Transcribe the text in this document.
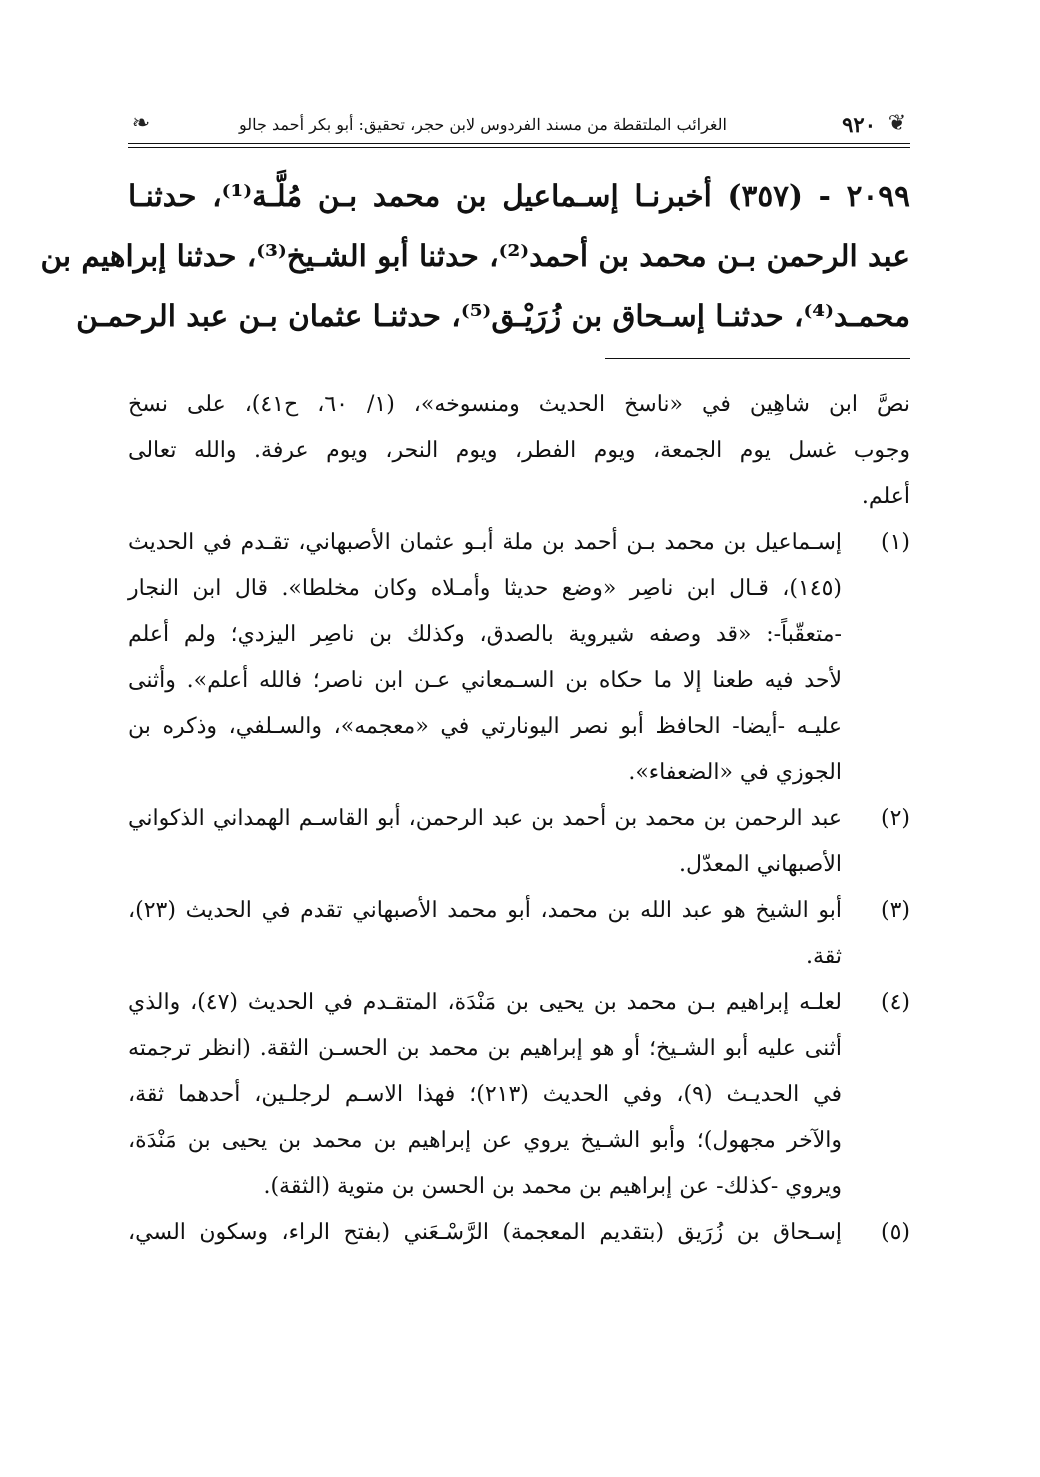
❦
٩٢٠
الغرائب الملتقطة من مسند الفردوس لابن حجر، تحقيق: أبو بكر أحمد جالو
❧
٢٠٩٩ - (٣٥٧) أخبرنـا إسـماعيل بن محمد بـن مُلَّـة⁽¹⁾، حدثنـا
عبد الرحمن بـن محمد بن أحمد⁽²⁾، حدثنا أبو الشـيخ⁽³⁾، حدثنا إبراهيم بن
محمـد⁽⁴⁾، حدثنـا إسـحاق بن زُرَيْـق⁽⁵⁾، حدثنـا عثمان بـن عبد الرحمـن
نصَّ ابن شاهِين في «ناسخ الحديث ومنسوخه»، (١/ ٦٠، ح٤١)، على نسخ
وجوب غسل يوم الجمعة، ويوم الفطر، ويوم النحر، ويوم عرفة. والله تعالى
أعلم.
(١)
إسـماعيل بن محمد بـن أحمد بن ملة أبـو عثمان الأصبهاني، تقـدم في الحديث
(١٤٥)، قـال ابن ناصِر «وضع حديثا وأمـلاه وكان مخلطا». قال ابن النجار
-متعقّباً-: «قد وصفه شيروية بالصدق، وكذلك بن ناصِر اليزدي؛ ولم أعلم
لأحد فيه طعنا إلا ما حكاه بن السـمعاني عـن ابن ناصر؛ فالله أعلم». وأثنى
عليـه -أيضا- الحافظ أبو نصر اليونارتي في «معجمه»، والسـلفي، وذكره بن
الجوزي في «الضعفاء».
(٢)
عبد الرحمن بن محمد بن أحمد بن عبد الرحمن، أبو القاسـم الهمداني الذكواني
الأصبهاني المعدّل.
(٣)
أبو الشيخ هو عبد الله بن محمد، أبو محمد الأصبهاني تقدم في الحديث (٢٣)،
ثقة.
(٤)
لعلـه إبراهيم بـن محمد بن يحيى بن مَنْدَة، المتقـدم في الحديث (٤٧)، والذي
أثنى عليه أبو الشـيخ؛ أو هو إبراهيم بن محمد بن الحسـن الثقة. (انظر ترجمته
في الحديـث (٩)، وفي الحديث (٢١٣)؛ فهذا الاسـم لرجلـين، أحدهما ثقة،
والآخر مجهول)؛ وأبو الشـيخ يروي عن إبراهيم بن محمد بن يحيى بن مَنْدَة،
ويروي -كذلك- عن إبراهيم بن محمد بن الحسن بن متوية (الثقة).
(٥)
إسـحاق بن زُرَيق (بتقديم المعجمة) الرَّسْـعَني (بفتح الراء، وسكون السي،
